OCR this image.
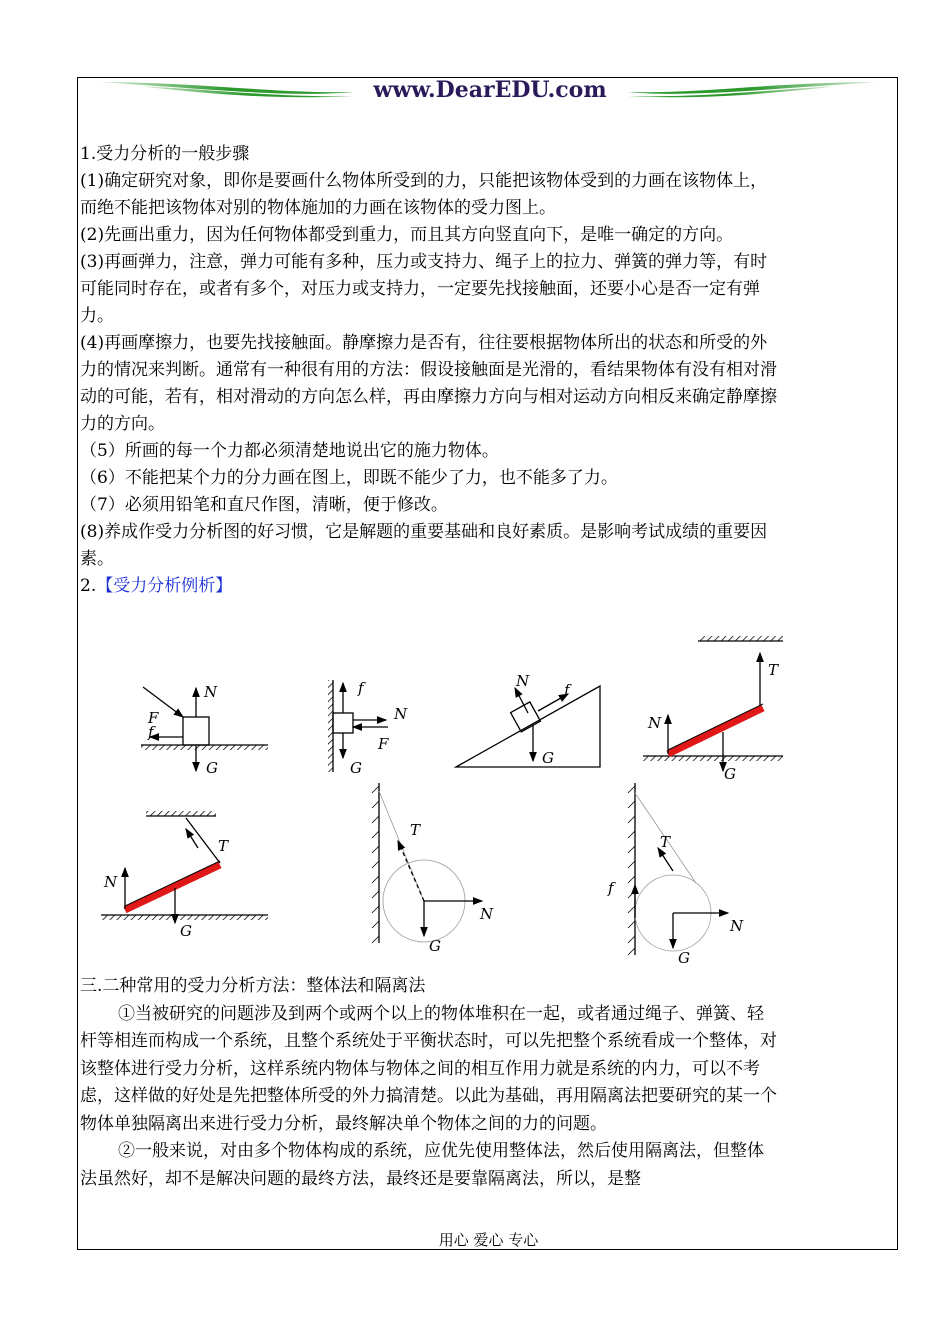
www.DearEDU.com

1.受力分析的一般步骤

(1)确定研究对象，即你是要画什么物体所受到的力，只能把该物体受到的力画在该物体上，而绝不能把该物体对别的物体施加的力画在该物体的受力图上。

(2)先画出重力，因为任何物体都受到重力，而且其方向竖直向下，是唯一确定的方向。

(3)再画弹力，注意，弹力可能有多种，压力或支持力、绳子上的拉力、弹簧的弹力等，有时可能同时存在，或者有多个，对压力或支持力，一定要先找接触面，还要小心是否一定有弹力。

(4)再画摩擦力，也要先找接触面。静摩擦力是否有，往往要根据物体所出的状态和所受的外力的情况来判断。通常有一种很有用的方法：假设接触面是光滑的，看结果物体有没有相对滑动的可能，若有，相对滑动的方向怎么样，再由摩擦力方向与相对运动方向相反来确定静摩擦力的方向。

（5）所画的每一个力都必须清楚地说出它的施力物体。

（6）不能把某个力的分力画在图上，即既不能少了力，也不能多了力。

（7）必须用铅笔和直尺作图，清晰，便于修改。

(8)养成作受力分析图的好习惯，它是解题的重要基础和良好素质。是影响考试成绩的重要因素。

2.【受力分析例析】

N
F
f
G
f
N
F
G
N f
G
T
N
G
T
N
G
T
N
G
T
f
N
G

三.二种常用的受力分析方法：整体法和隔离法

①当被研究的问题涉及到两个或两个以上的物体堆积在一起，或者通过绳子、弹簧、轻杆等相连而构成一个系统，且整个系统处于平衡状态时，可以先把整个系统看成一个整体，对该整体进行受力分析，这样系统内物体与物体之间的相互作用力就是系统的内力，可以不考虑，这样做的好处是先把整体所受的外力搞清楚。以此为基础，再用隔离法把要研究的某一个物体单独隔离出来进行受力分析，最终解决单个物体之间的力的问题。

②一般来说，对由多个物体构成的系统，应优先使用整体法，然后使用隔离法，但整体法虽然好，却不是解决问题的最终方法，最终还是要靠隔离法，所以，是整

用心 爱心 专心
